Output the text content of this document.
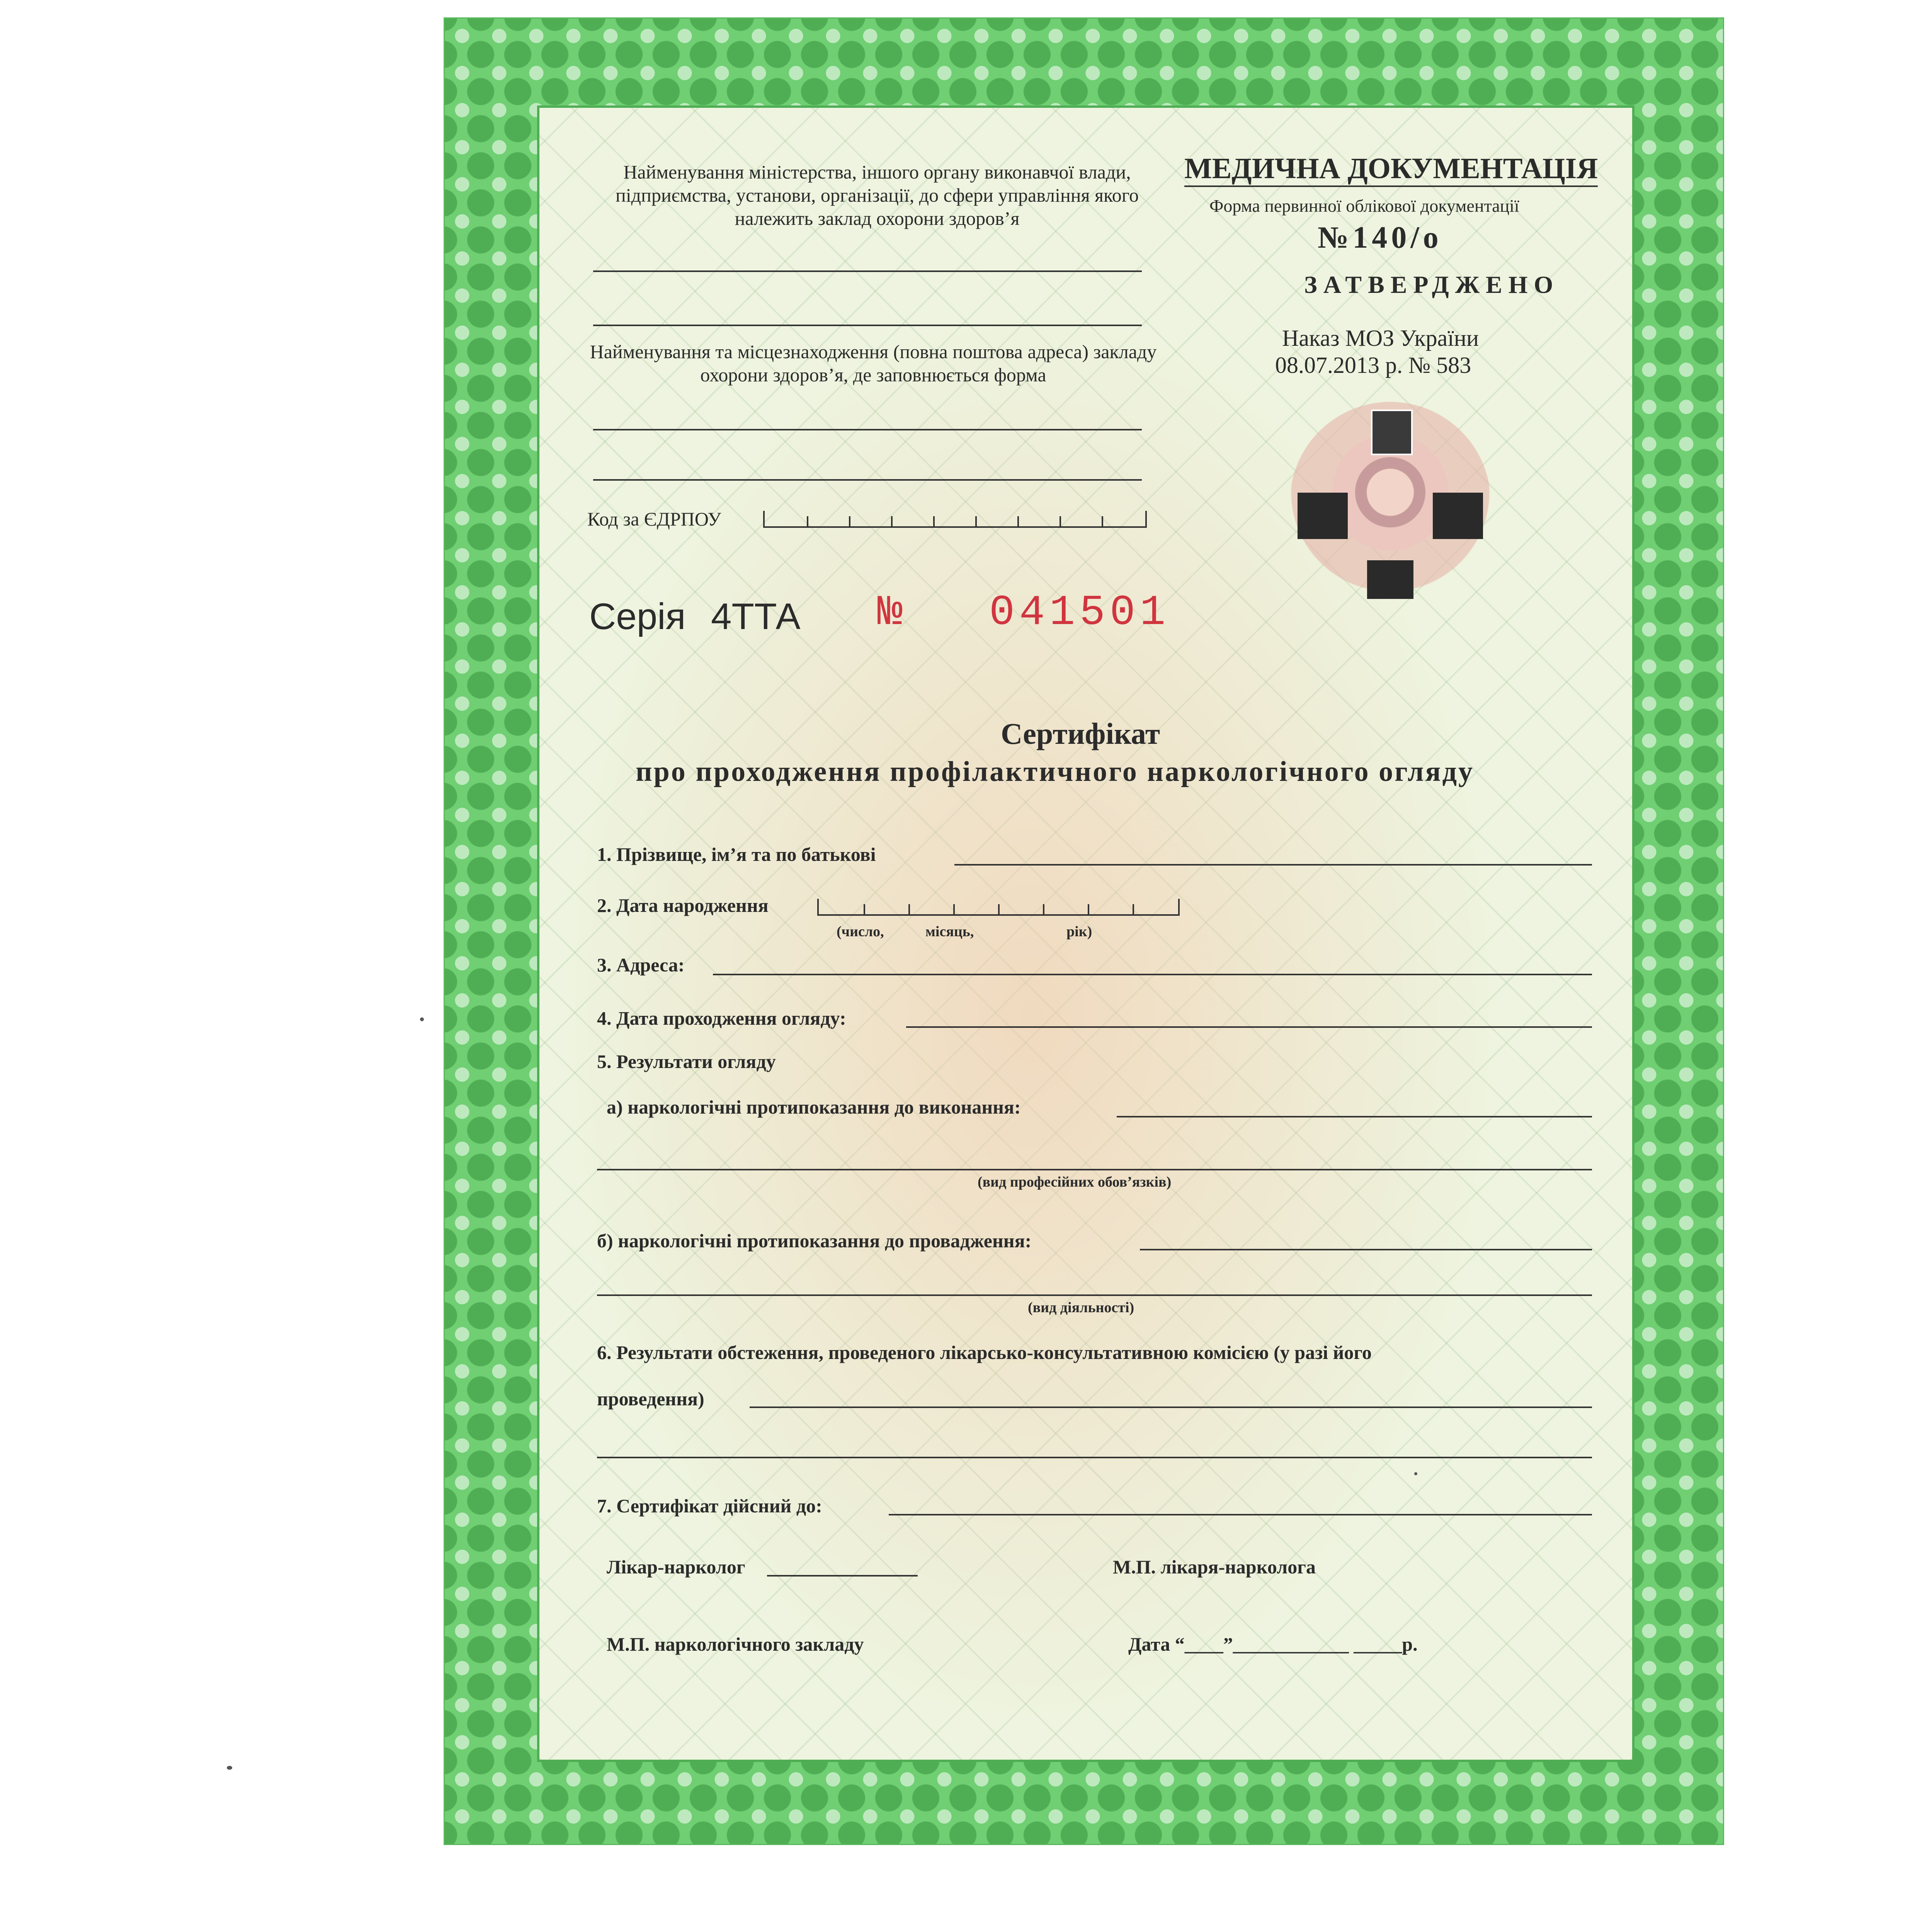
Найменування міністерства, іншого органу виконавчої влади, підприємства, установи, організації, до сфери управління якого належить заклад охорони здоров’я
Найменування та місцезнаходження (повна поштова адреса) закладу охорони здоров’я, де заповнюється форма
Код за ЄДРПОУ
МЕДИЧНА ДОКУМЕНТАЦІЯ
Форма первинної облікової документації
№140/о
ЗАТВЕРДЖЕНО
Наказ МОЗ України
08.07.2013 р. № 583
Серія 4ТТА № 041501
Сертифікат
про проходження профілактичного наркологічного огляду
1. Прізвище, ім’я та по батькові
2. Дата народження
(число,	місяць,	рік)
3. Адреса:
4. Дата проходження огляду:
5. Результати огляду
а) наркологічні протипоказання до виконання:
(вид професійних обов’язків)
б) наркологічні протипоказання до провадження:
(вид діяльності)
6. Результати обстеження, проведеного лікарсько-консультативною комісією (у разі його
проведення)
7. Сертифікат дійсний до:
Лікар-нарколог	М.П. лікаря-нарколога
М.П. наркологічного закладу	Дата “____”____________ _____р.
